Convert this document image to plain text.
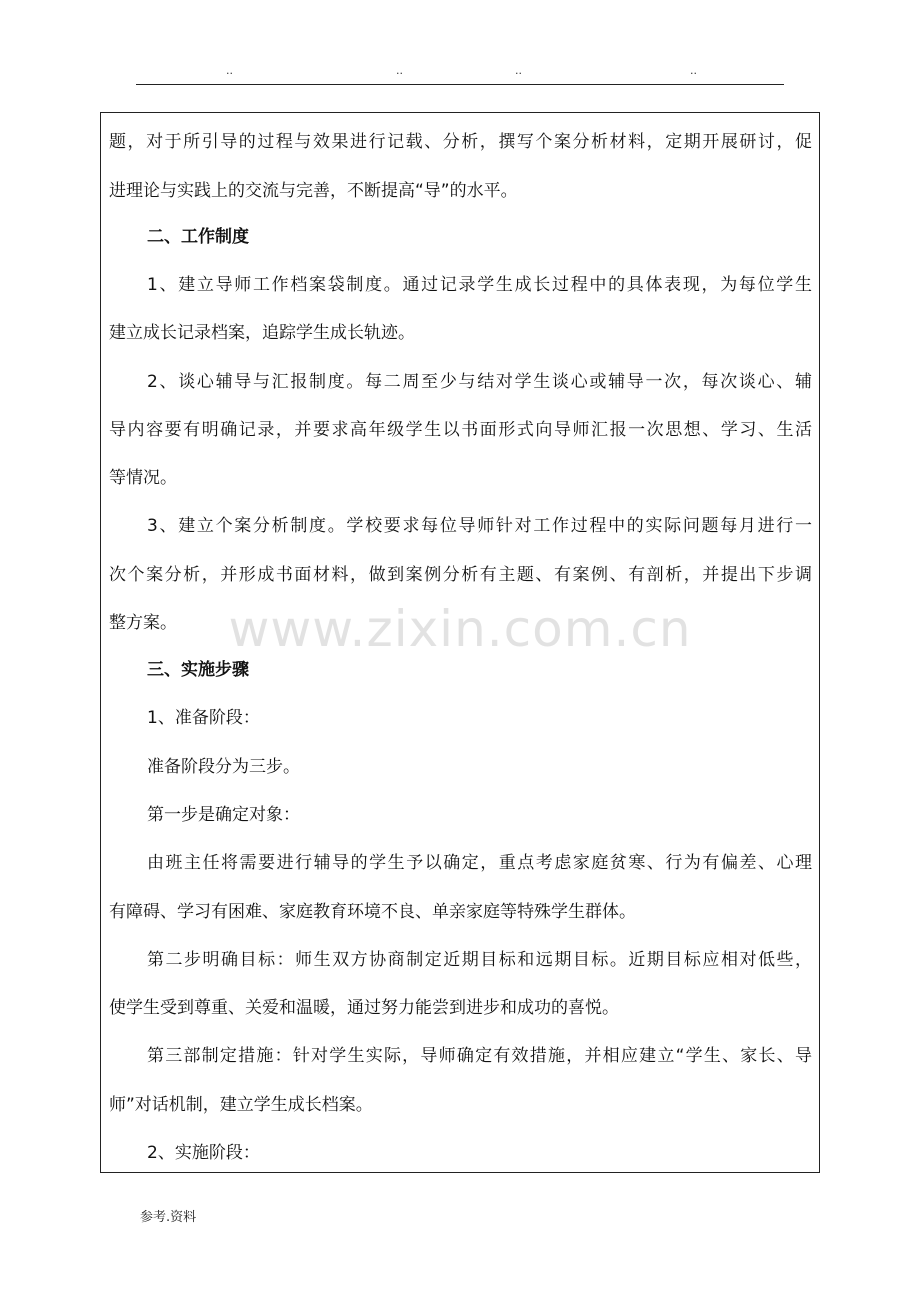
..	..	..	..
题，对于所引导的过程与效果进行记载、分析，撰写个案分析材料，定期开展研讨，促
进理论与实践上的交流与完善，不断提高“导”的水平。
二、工作制度
1、建立导师工作档案袋制度。通过记录学生成长过程中的具体表现，为每位学生
建立成长记录档案，追踪学生成长轨迹。
2、谈心辅导与汇报制度。每二周至少与结对学生谈心或辅导一次，每次谈心、辅
导内容要有明确记录，并要求高年级学生以书面形式向导师汇报一次思想、学习、生活
等情况。
3、建立个案分析制度。学校要求每位导师针对工作过程中的实际问题每月进行一
次个案分析，并形成书面材料，做到案例分析有主题、有案例、有剖析，并提出下步调
整方案。
三、实施步骤
1、准备阶段：
准备阶段分为三步。
第一步是确定对象：
由班主任将需要进行辅导的学生予以确定，重点考虑家庭贫寒、行为有偏差、心理
有障碍、学习有困难、家庭教育环境不良、单亲家庭等特殊学生群体。
第二步明确目标：师生双方协商制定近期目标和远期目标。近期目标应相对低些，
使学生受到尊重、关爱和温暖，通过努力能尝到进步和成功的喜悦。
第三部制定措施：针对学生实际，导师确定有效措施，并相应建立“学生、家长、导
师”对话机制，建立学生成长档案。
2、实施阶段：
www.zixin.com.cn
参考.资料
